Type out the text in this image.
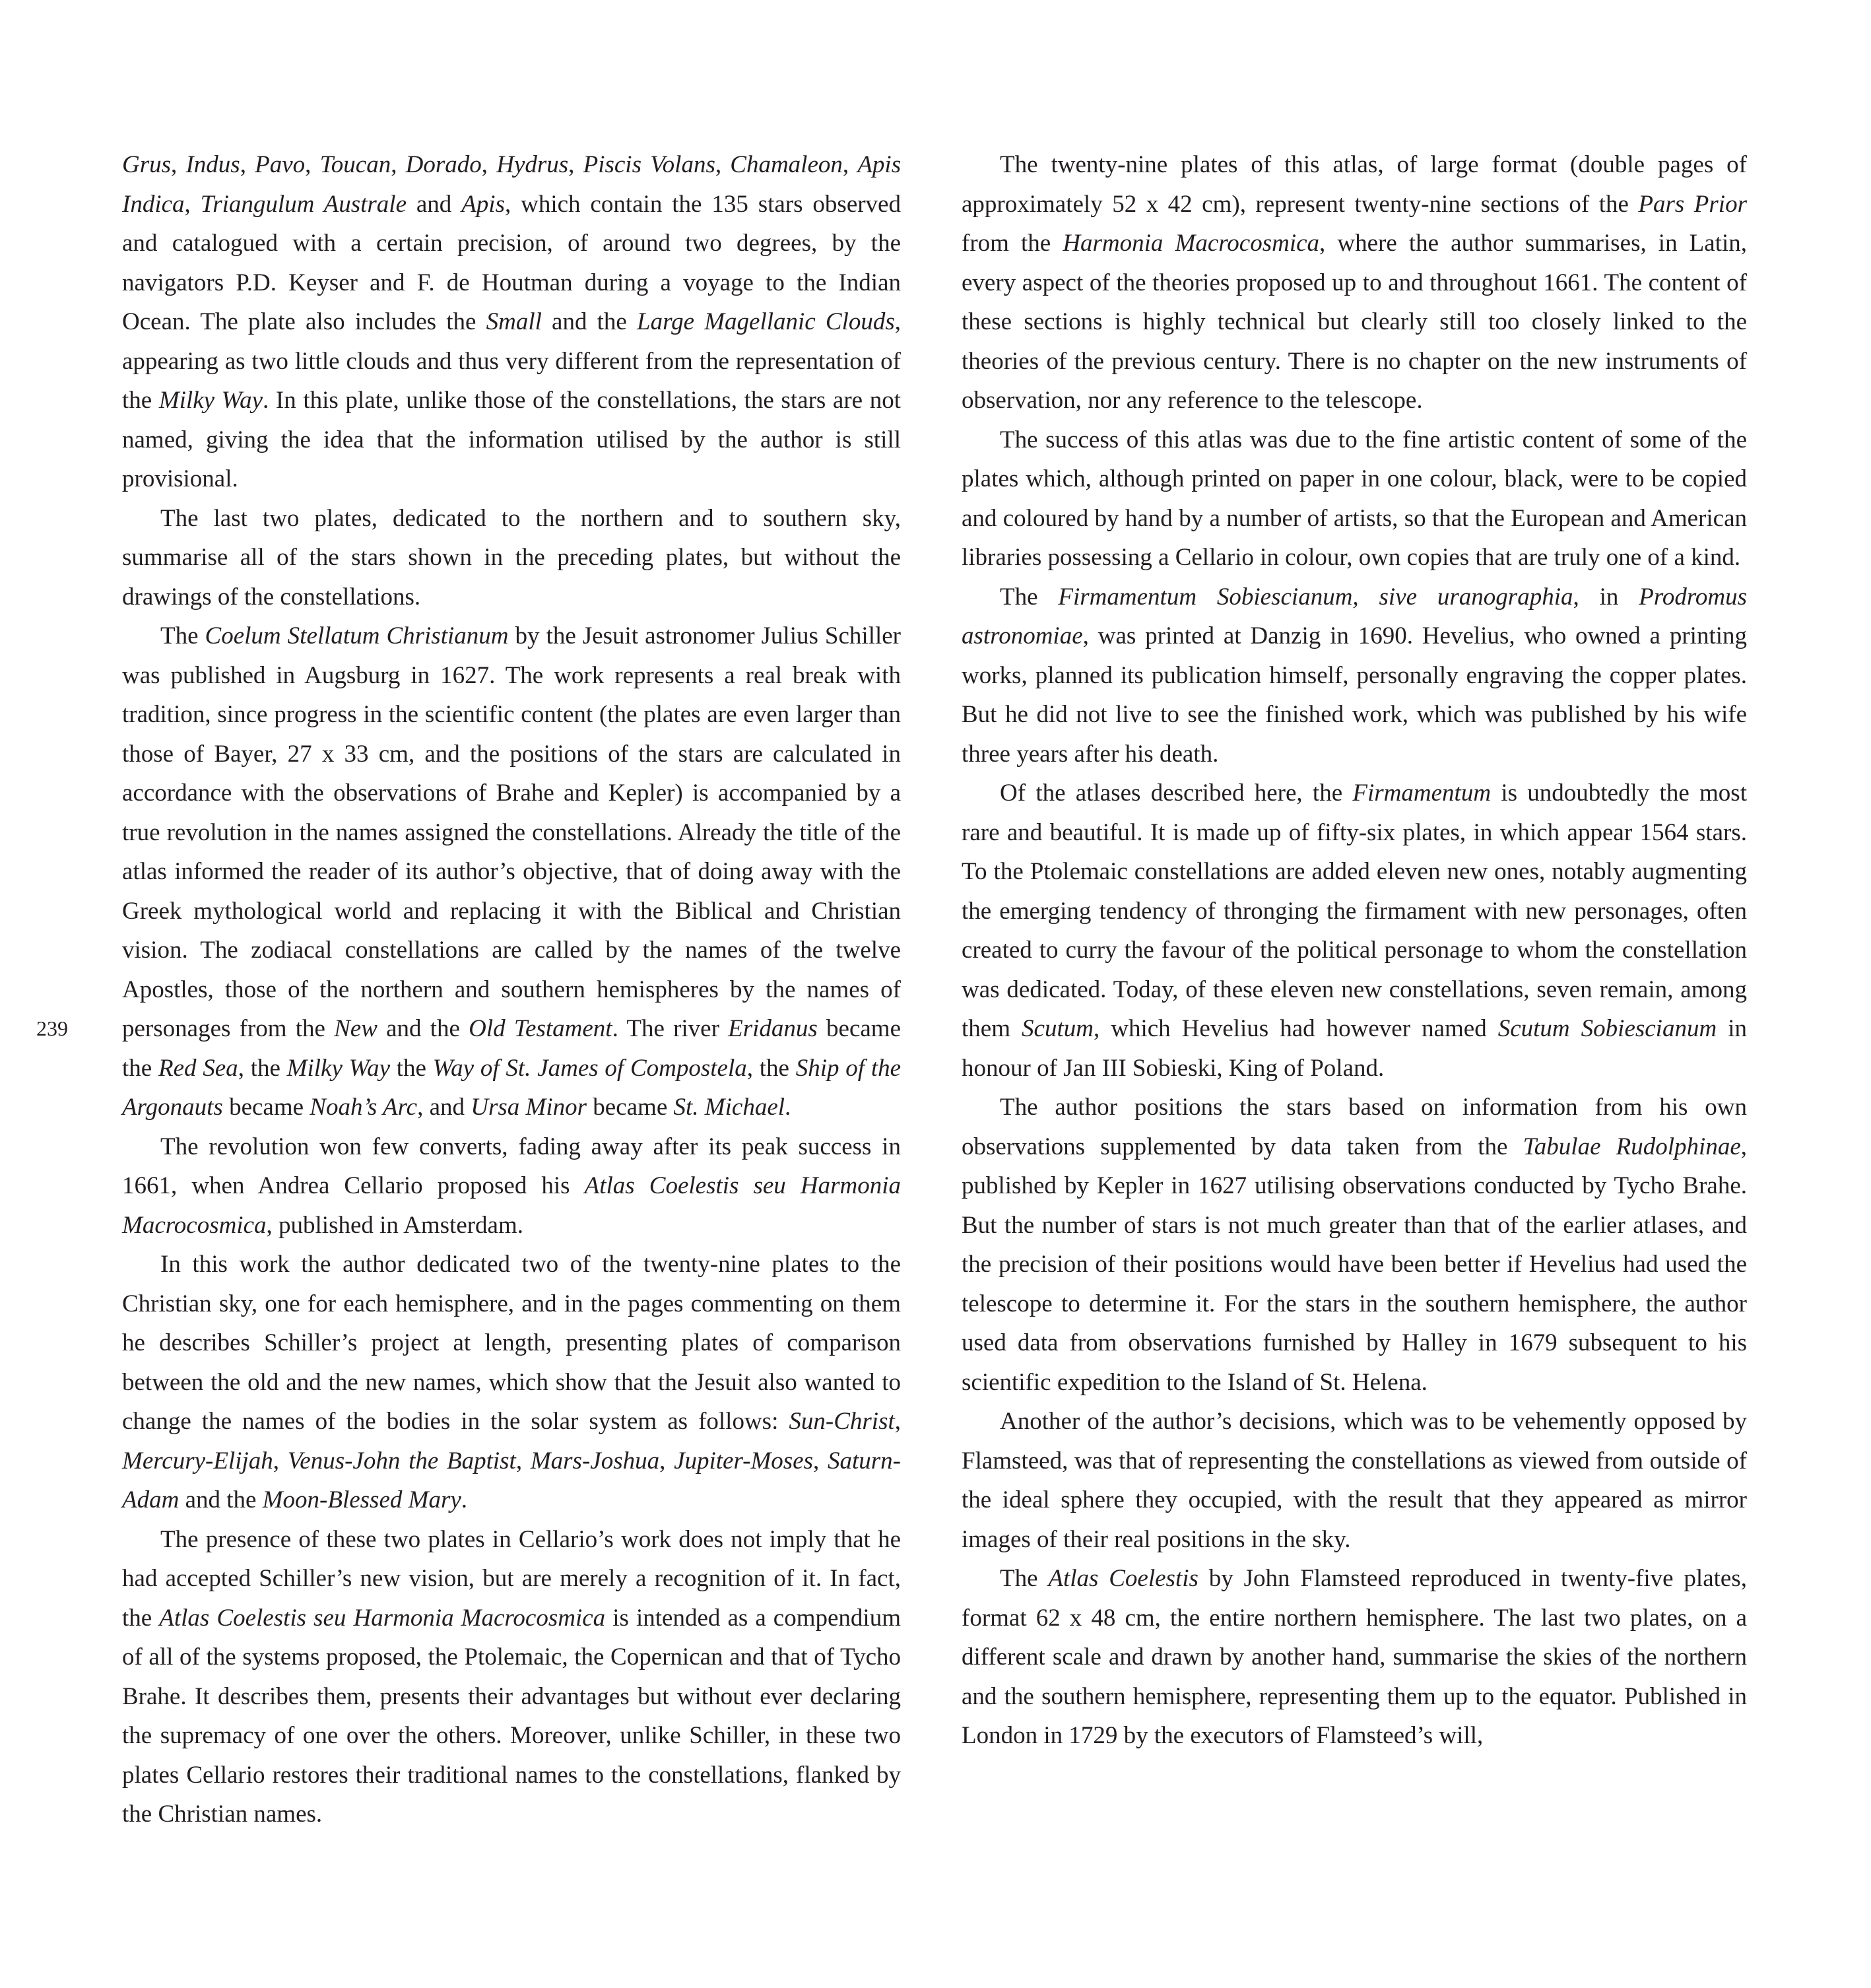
239

Grus, Indus, Pavo, Toucan, Dorado, Hydrus, Piscis Volans, Chamaleon, Apis Indica, Triangulum Australe and Apis, which contain the 135 stars observed and catalogued with a certain precision, of around two degrees, by the navigators P.D. Keyser and F. de Houtman during a voyage to the Indian Ocean. The plate also includes the Small and the Large Magellanic Clouds, appearing as two little clouds and thus very different from the representation of the Milky Way. In this plate, unlike those of the constellations, the stars are not named, giving the idea that the information utilised by the author is still provisional.

The last two plates, dedicated to the northern and to southern sky, summarise all of the stars shown in the preceding plates, but without the drawings of the constellations.

The Coelum Stellatum Christianum by the Jesuit astronomer Julius Schiller was published in Augsburg in 1627. The work represents a real break with tradition, since progress in the scientific content (the plates are even larger than those of Bayer, 27 x 33 cm, and the positions of the stars are calculated in accordance with the observations of Brahe and Kepler) is accompanied by a true revolution in the names assigned the constellations. Already the title of the atlas informed the reader of its author’s objective, that of doing away with the Greek mythological world and replacing it with the Biblical and Christian vision. The zodiacal constellations are called by the names of the twelve Apostles, those of the northern and southern hemispheres by the names of personages from the New and the Old Testament. The river Eridanus became the Red Sea, the Milky Way the Way of St. James of Compostela, the Ship of the Argonauts became Noah’s Arc, and Ursa Minor became St. Michael.

The revolution won few converts, fading away after its peak success in 1661, when Andrea Cellario proposed his Atlas Coelestis seu Harmonia Macrocosmica, published in Amsterdam.

In this work the author dedicated two of the twenty-nine plates to the Christian sky, one for each hemisphere, and in the pages commenting on them he describes Schiller’s project at length, presenting plates of comparison between the old and the new names, which show that the Jesuit also wanted to change the names of the bodies in the solar system as follows: Sun-Christ, Mercury-Elijah, Venus-John the Baptist, Mars-Joshua, Jupiter-Moses, Saturn-Adam and the Moon-Blessed Mary.

The presence of these two plates in Cellario’s work does not imply that he had accepted Schiller’s new vision, but are merely a recognition of it. In fact, the Atlas Coelestis seu Harmonia Macrocosmica is intended as a compendium of all of the systems proposed, the Ptolemaic, the Copernican and that of Tycho Brahe. It describes them, presents their advantages but without ever declaring the supremacy of one over the others. Moreover, unlike Schiller, in these two plates Cellario restores their traditional names to the constellations, flanked by the Christian names.

The twenty-nine plates of this atlas, of large format (double pages of approximately 52 x 42 cm), represent twenty-nine sections of the Pars Prior from the Harmonia Macrocosmica, where the author summarises, in Latin, every aspect of the theories proposed up to and throughout 1661. The content of these sections is highly technical but clearly still too closely linked to the theories of the previous century. There is no chapter on the new instruments of observation, nor any reference to the telescope.

The success of this atlas was due to the fine artistic content of some of the plates which, although printed on paper in one colour, black, were to be copied and coloured by hand by a number of artists, so that the European and American libraries possessing a Cellario in colour, own copies that are truly one of a kind.

The Firmamentum Sobiescianum, sive uranographia, in Prodromus astronomiae, was printed at Danzig in 1690. Hevelius, who owned a printing works, planned its publication himself, personally engraving the copper plates. But he did not live to see the finished work, which was published by his wife three years after his death.

Of the atlases described here, the Firmamentum is undoubtedly the most rare and beautiful. It is made up of fifty-six plates, in which appear 1564 stars. To the Ptolemaic constellations are added eleven new ones, notably augmenting the emerging tendency of thronging the firmament with new personages, often created to curry the favour of the political personage to whom the constellation was dedicated. Today, of these eleven new constellations, seven remain, among them Scutum, which Hevelius had however named Scutum Sobiescianum in honour of Jan III Sobieski, King of Poland.

The author positions the stars based on information from his own observations supplemented by data taken from the Tabulae Rudolphinae, published by Kepler in 1627 utilising observations conducted by Tycho Brahe. But the number of stars is not much greater than that of the earlier atlases, and the precision of their positions would have been better if Hevelius had used the telescope to determine it. For the stars in the southern hemisphere, the author used data from observations furnished by Halley in 1679 subsequent to his scientific expedition to the Island of St. Helena.

Another of the author’s decisions, which was to be vehemently opposed by Flamsteed, was that of representing the constellations as viewed from outside of the ideal sphere they occupied, with the result that they appeared as mirror images of their real positions in the sky.

The Atlas Coelestis by John Flamsteed reproduced in twenty-five plates, format 62 x 48 cm, the entire northern hemisphere. The last two plates, on a different scale and drawn by another hand, summarise the skies of the northern and the southern hemisphere, representing them up to the equator. Published in London in 1729 by the executors of Flamsteed’s will,
